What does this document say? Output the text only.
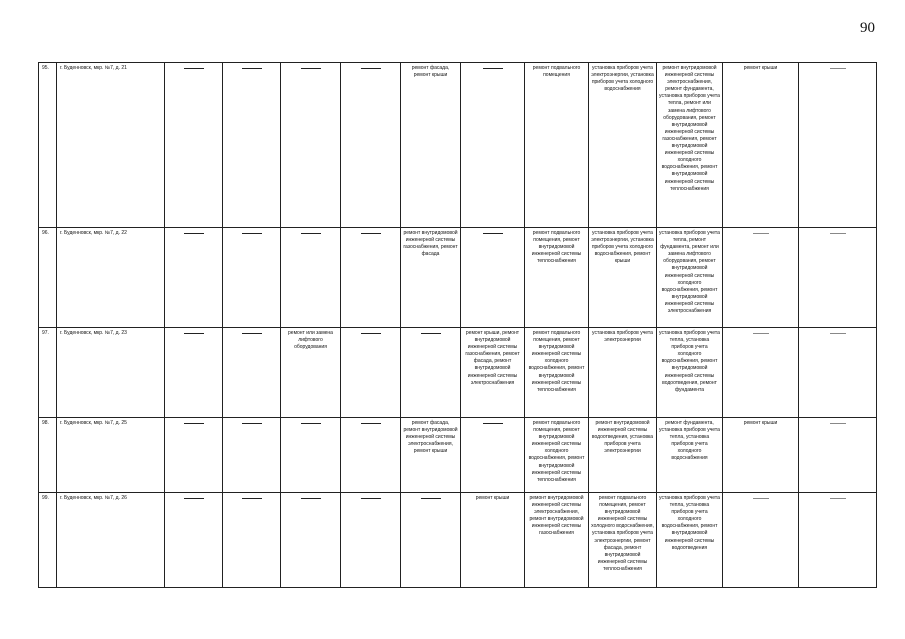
90
95.	г. Буденновск, мкр. №7, д. 21					ремонт фасада, ремонт крыши		ремонт подвального помещения	установка приборов учета электроэнергии, установка приборов учета холодного водоснабжения	ремонт внутридомовой инженерной системы электроснабжения, ремонт фундамента, установка приборов учета тепла, ремонт или замена лифтового оборудования, ремонт внутридомовой инженерной системы газоснабжения, ремонт внутридомовой инженерной системы холодного водоснабжения, ремонт внутридомовой инженерной системы теплоснабжения	ремонт крыши	

96.	г. Буденновск, мкр. №7, д. 22					ремонт внутридомовой инженерной системы газоснабжения, ремонт фасада		ремонт подвального помещения, ремонт внутридомовой инженерной системы теплоснабжения	установка приборов учета электроэнергии, установка приборов учета холодного водоснабжения, ремонт крыши	установка приборов учета тепла, ремонт фундамента, ремонт или замена лифтового оборудования, ремонт внутридомовой инженерной системы холодного водоснабжения, ремонт внутридомовой инженерной системы электроснабжения	

97.	г. Буденновск, мкр. №7, д. 23			ремонт или замена лифтового оборудования			ремонт крыши, ремонт внутридомовой инженерной системы газоснабжения, ремонт фасада, ремонт внутридомовой инженерной системы электроснабжения	ремонт подвального помещения, ремонт внутридомовой инженерной системы холодного водоснабжения, ремонт внутридомовой инженерной системы теплоснабжения	установка приборов учета электроэнергии	установка приборов учета тепла, установка приборов учета холодного водоснабжения, ремонт внутридомовой инженерной системы водоотведения, ремонт фундамента	

98.	г. Буденновск, мкр. №7, д. 25					ремонт фасада, ремонт внутридомовой инженерной системы электроснабжения, ремонт крыши		ремонт подвального помещения, ремонт внутридомовой инженерной системы холодного водоснабжения, ремонт внутридомовой инженерной системы теплоснабжения	ремонт внутридомовой инженерной системы водоотведения, установка приборов учета электроэнергии	ремонт фундамента, установка приборов учета тепла, установка приборов учета холодного водоснабжения	ремонт крыши	

99.	г. Буденновск, мкр. №7, д. 26						ремонт крыши	ремонт внутридомовой инженерной системы электроснабжения, ремонт внутридомовой инженерной системы газоснабжения	ремонт подвального помещения, ремонт внутридомовой инженерной системы холодного водоснабжения, установка приборов учета электроэнергии, ремонт фасада, ремонт внутридомовой инженерной системы теплоснабжения	установка приборов учета тепла, установка приборов учета холодного водоснабжения, ремонт внутридомовой инженерной системы водоотведения	
